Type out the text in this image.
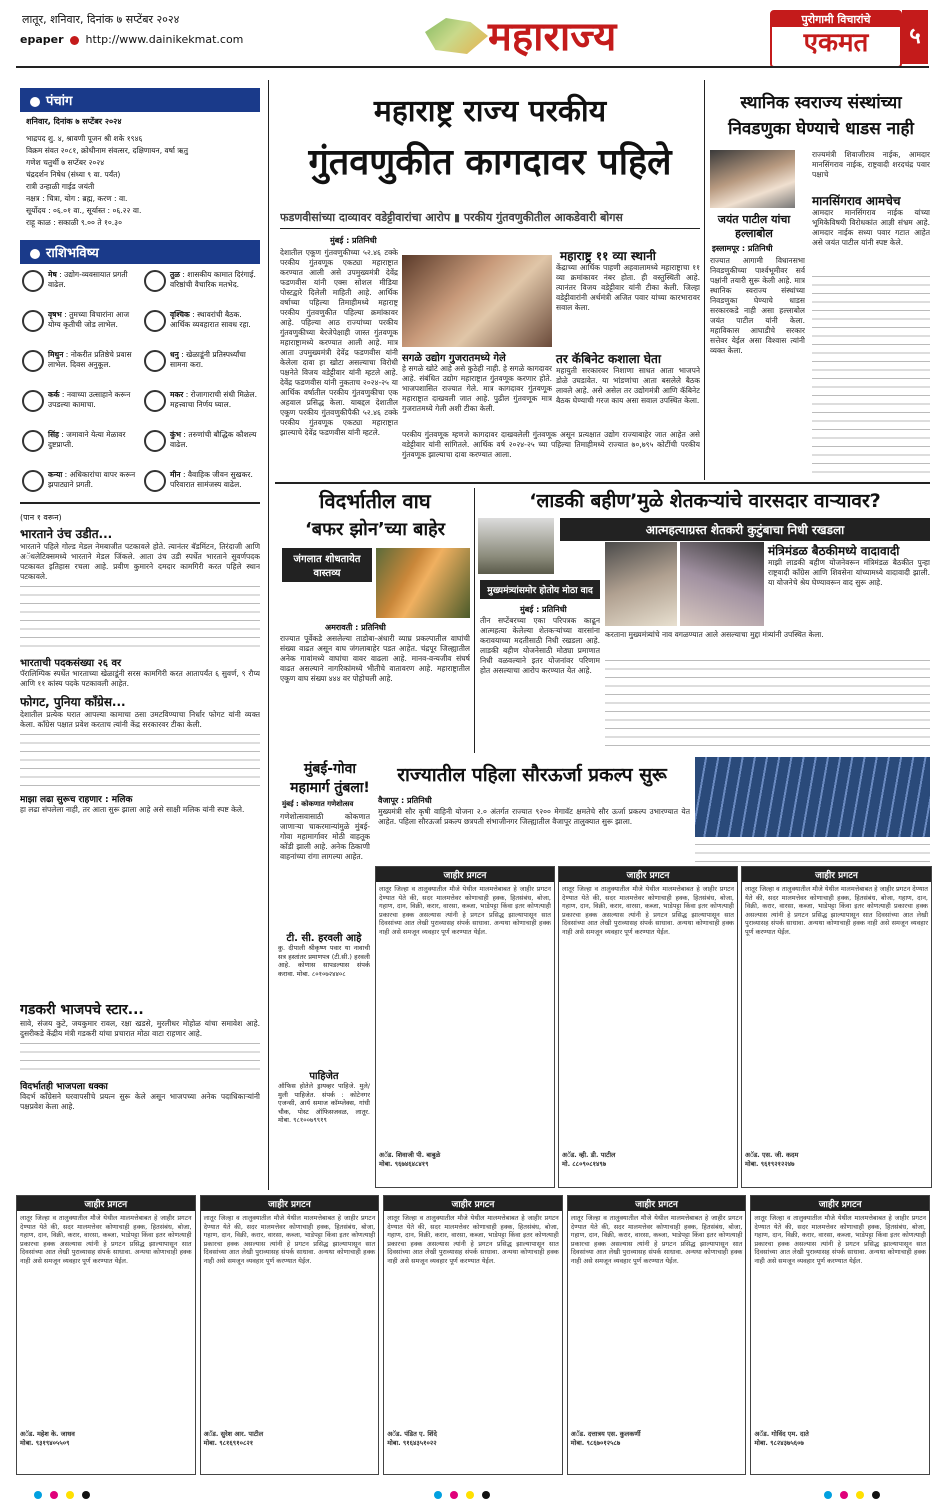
लातूर, शनिवार, दिनांक ७ सप्टेंबर २०२४
epaper http://www.dainikekmat.com	महाराज्य	पुरोगामी विचारांचे
एकमत	५
पंचांग
शनिवार, दिनांक ७ सप्टेंबर २०२४
भाद्रपद शु. ४, श्रावणी पूजन श्री शके १९४६
विक्रम संवत २०८१, क्रोधीनाम संवत्सर, दक्षिणायन, वर्षा ऋतु
गणेश चतुर्थी ७ सप्टेंबर २०२४
चंद्रदर्शन निषेध (संध्या ९ वा. पर्यंत)
रात्री उन्हाळी गाई‍ड जयंती
नक्षत्र : चित्रा, योग : ब्रह्म, करण : वा.
सूर्योदय : ०६.०१ वा., सूर्यास्त : ०६.२२ वा.
राहू काळ : सकाळी ९.०० ते १०.३०
राशिभविष्य
मेष : उद्योग-व्यवसायात प्रगती वाढेल.
तुळ : शासकीय कामात दिरंगाई. वरिष्ठांची वैचारिक मतभेद.
वृषभ : तुमच्या विचारांना आज योग्य कृतीची जोड लाभेल.
वृश्चिक : स्थावरांची बैठक. आर्थिक व्यवहारात सावध रहा.
मिथुन : नोकरीत प्रतिष्ठेचे प्रवास लाभेल. दिवस अनुकूल.
धनु : खेळाडूंनी प्रतिस्पर्ध्यांचा सामना करा.
कर्क : नवाच्या उत्साहाने करून उपडल्या कामाचा.
मकर : रोजागाराची संधी मिळेल. महत्त्वाचा निर्णय घ्याल.
सिंह : जमावाने येत्या मेळावर दुष्टप्राप्ती.
कुंभ : तरुणांची बौद्धिक कौशल्य वाढेल.
कन्या : अधिकारांचा वापर करून झपाट्याने प्रगती.
मीन : वैवाहिक जीवन सुखकर. परिवारात सामंजस्य वाढेल.
(पान १ वरून)
भारताने उंच उडीत...
भारताने पहिले गोल्ड मेडल नेमबाजीत पटकावले होते. त्यानंतर बॅडमिंटन, तिरंदाजी आणि अॅथलेटिक्समध्ये भारताने मेडल जिंकले. आता उंच उडी स्पर्धेत भारताने सुवर्णपदक पटकावत इतिहास रचला आहे. प्रवीण कुमारने दमदार कामगिरी करत पहिले स्थान पटकावले.
भारताची पदकसंख्या २६ वर
पॅरालिम्पिक स्पर्धेत भारताच्या खेळाडूंनी सरस कामगिरी करत आतापर्यंत ६ सुवर्ण, ९ रौप्य आणि ११ कांस्य पदके पटकावली आहेत.
फोगट, पुनिया काँग्रेस...
देशातील प्रत्येक घरात आपल्या कामाचा ठसा उमटविण्याचा निर्धार फोगट यांनी व्यक्त केला. काँग्रेस पक्षात प्रवेश करताच त्यांनी केंद्र सरकारवर टीका केली.
माझा लढा सुरूच राहणार : मलिक
हा लढा संपलेला नाही, तर आता सुरू झाला आहे असे साक्षी मलिक यांनी स्पष्ट केले.
गडकरी भाजपचे स्टार...
सावे, संजय कुटे, जयकुमार रावल, रक्षा खडसे, मुरलीधर मोहोळ यांचा समावेश आहे. दुसरीकडे केंद्रीय मंत्री गडकरी यांचा प्रचारात मोठा वाटा राहणार आहे.
विदर्भातही भाजपला धक्का
विदर्भ काँग्रेसने घरवापसीचे प्रयत्न सुरू केले असून भाजपच्या अनेक पदाधिकाऱ्यांनी पक्षप्रवेश केला आहे.
महाराष्ट्र राज्य परकीय
गुंतवणुकीत कागदावर पहिले
फडणवीसांच्या दाव्यावर वडेट्टीवारांचा आरोप ▮ परकीय गुंतवणुकीतील आकडेवारी बोगस
मुंबई : प्रतिनिधी
देशातील एकूण गुंतवणुकीच्या ५२.४६ टक्के परकीय गुंतवणूक एकट्या महाराष्ट्रात करण्यात आली असे उपमुख्यमंत्री देवेंद्र फडणवीस यांनी एक्स सोशल मीडिया पोस्टद्वारे दिलेली माहिती आहे. आर्थिक वर्षाच्या पहिल्या तिमाहीमध्ये महाराष्ट्र परकीय गुंतवणुकीत पहिल्या क्रमांकावर आहे. पहिल्या आठ राज्यांच्या परकीय गुंतवणुकीच्या बेरजेपेक्षाही जास्त गुंतवणूक महाराष्ट्रामध्ये करण्यात आली आहे. मात्र आता उपमुख्यमंत्री देवेंद्र फडणवीस यांनी केलेला दावा हा खोटा असल्याचा विरोधी पक्षनेते विजय वडेट्टीवार यांनी म्हटले आहे. देवेंद्र फडणवीस यांनी नुकताच २०२४-२५ या आर्थिक वर्षातील परकीय गुंतवणुकीचा एक अहवाल प्रसिद्ध केला. याबद्दल देशातील एकूण परकीय गुंतवणुकीपैकी ५२.४६ टक्के परकीय गुंतवणूक एकट्या महाराष्ट्रात झाल्याचे देवेंद्र फडणवीस यांनी म्हटले.
सगळे उद्योग गुजरातमध्ये गेले
हे सगळे खोटे आहे असे कुठेही नाही. हे सगळे कागदावर आहे. संबंधित उद्योग महाराष्ट्रात गुंतवणूक करणार होते. भाजपशासित राज्यात गेले. मात्र कागदावर गुंतवणूक महाराष्ट्रात दाखवली जात आहे. पुढील गुंतवणूक मात्र गुजरातमध्ये गेली अशी टीका केली.
महाराष्ट्र ११ व्या स्थानी
केंद्राच्या आर्थिक पाहणी अहवालामध्ये महाराष्ट्राचा ११ व्या क्रमांकावर नंबर होता. ही वस्तुस्थिती आहे. त्यानंतर विजय वडेट्टीवार यांनी टीका केली. जिल्हा वडेट्टीवारांनी अर्थमंत्री अजित पवार यांच्या कारभारावर सवाल केला.
तर कॅबिनेट कशाला घेता
महायुती सरकारवर निशाणा साधत आता भाजपने डोळे उघडावेत. या भांडणांचा आता बसलेले बैठक लावले आहे. असे असेल तर उद्योगमंत्री आणि कॅबिनेट बैठक घेण्याची गरज काय असा सवाल उपस्थित केला.
परकीय गुंतवणूक म्हणजे कागदावर दाखवलेली गुंतवणूक असून प्रत्यक्षात उद्योग राज्याबाहेर जात आहेत असे वडेट्टीवार यांनी सांगितले. आर्थिक वर्ष २०२४-२५ च्या पहिल्या तिमाहीमध्ये राज्यात ७०,७९५ कोटींची परकीय गुंतवणूक झाल्याचा दावा करण्यात आला.
स्थानिक स्वराज्य संस्थांच्या
निवडणुका घेण्याचे धाडस नाही
जयंत पाटील यांचा
हल्लाबोल
इस्लामपूर : प्रतिनिधी
राज्यात आगामी विधानसभा निवडणुकीच्या पार्श्वभूमीवर सर्व पक्षांनी तयारी सुरू केली आहे. मात्र स्थानिक स्वराज्य संस्थांच्या निवडणुका घेण्याचे धाडस सरकारकडे नाही असा हल्लाबोल जयंत पाटील यांनी केला. महाविकास आघाडीचे सरकार सत्तेवर येईल असा विश्वास त्यांनी व्यक्त केला.
राज्यमंत्री शिवाजीराव नाईक, आमदार मानसिंगराव नाईक, राष्ट्रवादी शरदचंद्र पवार पक्षाचे
मानसिंगराव आमचेच
आमदार मानसिंगराव नाईक यांच्या भूमिकेविषयी विरोधकांत आज्ञी संभ्रम आहे. आमदार नाईक सध्या पवार गटात आहेत असे जयंत पाटील यांनी स्पष्ट केले.
विदर्भातील वाघ
‘बफर झोन’च्या बाहेर
जंगलात शोधतायेत वास्तव्य
अमरावती : प्रतिनिधी
राज्यात पूर्वेकडे असलेल्या ताडोबा-अंधारी व्याघ्र प्रकल्पातील वाघांची संख्या वाढत असून वाघ जंगलाबाहेर पडत आहेत. चंद्रपूर जिल्ह्यातील अनेक गावांमध्ये वाघांचा वावर वाढला आहे. मानव-वन्यजीव संघर्ष वाढत असल्याने नागरिकांमध्ये भीतीचे वातावरण आहे. महाराष्ट्रातील एकूण वाघ संख्या ४४४ वर पोहोचली आहे.
‘लाडकी बहीण’मुळे शेतकऱ्यांचे वारसदार वाऱ्यावर?
आत्महत्याग्रस्त शेतकरी कुटुंबाचा निधी रखडला
मुख्यमंत्र्यांसमोर होतोय मोठा वाद
मुंबई : प्रतिनिधी
मंत्रिमंडळ बैठकीमध्ये वादावादी
माझी लाडकी बहीण योजनेवरून मंत्रिमंडळ बैठकीत पुन्हा राष्ट्रवादी काँग्रेस आणि शिवसेना यांच्यामध्ये वादावादी झाली. या योजनेचे श्रेय घेण्यावरून वाद सुरू आहे.
करताना मुख्यमंत्र्यांचे नाव वगळण्यात आले असल्याचा मुद्दा मंत्र्यांनी उपस्थित केला.
तीन सप्टेंबरच्या एका परिपत्रक काढून आत्महत्या केलेल्या शेतकऱ्यांच्या वारसांना करावयाच्या मदतीसाठी निधी रखडला आहे. लाडकी बहीण योजनेसाठी मोठ्या प्रमाणात निधी वळवल्याने इतर योजनांवर परिणाम होत असल्याचा आरोप करण्यात येत आहे.
मुंबई-गोवा
महामार्ग तुंबला!
मुंबई : कोकणात गणेशोत्सव
गणेशोत्सवासाठी कोकणात जाणाऱ्या चाकरमान्यांमुळे मुंबई-गोवा महामार्गावर मोठी वाहतूक कोंडी झाली आहे. अनेक ठिकाणी वाहनांच्या रांगा लागल्या आहेत.
राज्यातील पहिला सौरऊर्जा प्रकल्प सुरू
वैजापूर : प्रतिनिधी
मुख्यमंत्री सौर कृषी वाहिनी योजना २.० अंतर्गत राज्यात ९२०० मेगावॅट क्षमतेचे सौर ऊर्जा प्रकल्प उभारण्यात येत आहेत. पहिला सौरऊर्जा प्रकल्प छत्रपती संभाजीनगर जिल्ह्यातील वैजापूर तालुक्यात सुरू झाला.
टी. सी. हरवली आहे
कु. दीपाली श्रीकृष्ण पवार या नावाची सत्र हस्तांतर प्रमाणपत्र (टी.सी.) हरवली आहे. कोणास सापडल्यास संपर्क करावा. मोबा. ८०१०७२४४०८
पाहिजेत
ऑफिस होतेले ड्रायव्हर पाहिजे. मुले/मुली पाहिजेत. संपर्क : कोटेनगर एजन्सी, आर्य समाज कॉम्प्लेक्स, गांधी चौक, पोस्ट ऑफिसजवळ, लातूर. मोबा. ९८१००७९९१९
जाहीर प्रगटन
लातूर जिल्हा व तालुक्यातील मौजे येथील मालमत्तेबाबत हे जाहीर प्रगटन देण्यात येते की, सदर मालमत्तेवर कोणाचाही हक्क, हितसंबंध, बोजा, गहाण, दान, विक्री, करार, वारसा, कब्जा, भाडेपट्टा किंवा इतर कोणत्याही प्रकारचा हक्क असल्यास त्यांनी हे प्रगटन प्रसिद्ध झाल्यापासून सात दिवसांच्या आत लेखी पुराव्यासह संपर्क साधावा. अन्यथा कोणाचाही हक्क नाही असे समजून व्यवहार पूर्ण करण्यात येईल.
अॅड. शिवाजी पी. बाबुळे
मोबा. ९६७४६४८४१९
जाहीर प्रगटन
लातूर जिल्हा व तालुक्यातील मौजे येथील मालमत्तेबाबत हे जाहीर प्रगटन देण्यात येते की, सदर मालमत्तेवर कोणाचाही हक्क, हितसंबंध, बोजा, गहाण, दान, विक्री, करार, वारसा, कब्जा, भाडेपट्टा किंवा इतर कोणत्याही प्रकारचा हक्क असल्यास त्यांनी हे प्रगटन प्रसिद्ध झाल्यापासून सात दिवसांच्या आत लेखी पुराव्यासह संपर्क साधावा. अन्यथा कोणाचाही हक्क नाही असे समजून व्यवहार पूर्ण करण्यात येईल.
अॅड. व्ही. डी. पाटील
मो. ८८०९०८१४९७
जाहीर प्रगटन
लातूर जिल्हा व तालुक्यातील मौजे येथील मालमत्तेबाबत हे जाहीर प्रगटन देण्यात येते की, सदर मालमत्तेवर कोणाचाही हक्क, हितसंबंध, बोजा, गहाण, दान, विक्री, करार, वारसा, कब्जा, भाडेपट्टा किंवा इतर कोणत्याही प्रकारचा हक्क असल्यास त्यांनी हे प्रगटन प्रसिद्ध झाल्यापासून सात दिवसांच्या आत लेखी पुराव्यासह संपर्क साधावा. अन्यथा कोणाचाही हक्क नाही असे समजून व्यवहार पूर्ण करण्यात येईल.
अॅड. एस. जी. कदम
मोबा. ९६१९२१२२४७
जाहीर प्रगटन
लातूर जिल्हा व तालुक्यातील मौजे येथील मालमत्तेबाबत हे जाहीर प्रगटन देण्यात येते की, सदर मालमत्तेवर कोणाचाही हक्क, हितसंबंध, बोजा, गहाण, दान, विक्री, करार, वारसा, कब्जा, भाडेपट्टा किंवा इतर कोणत्याही प्रकारचा हक्क असल्यास त्यांनी हे प्रगटन प्रसिद्ध झाल्यापासून सात दिवसांच्या आत लेखी पुराव्यासह संपर्क साधावा. अन्यथा कोणाचाही हक्क नाही असे समजून व्यवहार पूर्ण करण्यात येईल.
अॅड. महेश के. जाधव
मोबा. ९३१९४०५५०९
जाहीर प्रगटन
लातूर जिल्हा व तालुक्यातील मौजे येथील मालमत्तेबाबत हे जाहीर प्रगटन देण्यात येते की, सदर मालमत्तेवर कोणाचाही हक्क, हितसंबंध, बोजा, गहाण, दान, विक्री, करार, वारसा, कब्जा, भाडेपट्टा किंवा इतर कोणत्याही प्रकारचा हक्क असल्यास त्यांनी हे प्रगटन प्रसिद्ध झाल्यापासून सात दिवसांच्या आत लेखी पुराव्यासह संपर्क साधावा. अन्यथा कोणाचाही हक्क नाही असे समजून व्यवहार पूर्ण करण्यात येईल.
अॅड. सुरेश आर. पाटील
मोबा. ९८१६९१०८२१
जाहीर प्रगटन
लातूर जिल्हा व तालुक्यातील मौजे येथील मालमत्तेबाबत हे जाहीर प्रगटन देण्यात येते की, सदर मालमत्तेवर कोणाचाही हक्क, हितसंबंध, बोजा, गहाण, दान, विक्री, करार, वारसा, कब्जा, भाडेपट्टा किंवा इतर कोणत्याही प्रकारचा हक्क असल्यास त्यांनी हे प्रगटन प्रसिद्ध झाल्यापासून सात दिवसांच्या आत लेखी पुराव्यासह संपर्क साधावा. अन्यथा कोणाचाही हक्क नाही असे समजून व्यवहार पूर्ण करण्यात येईल.
अॅड. पंडित ए. शिंदे
मोबा. ९१६४३५१०२२
जाहीर प्रगटन
लातूर जिल्हा व तालुक्यातील मौजे येथील मालमत्तेबाबत हे जाहीर प्रगटन देण्यात येते की, सदर मालमत्तेवर कोणाचाही हक्क, हितसंबंध, बोजा, गहाण, दान, विक्री, करार, वारसा, कब्जा, भाडेपट्टा किंवा इतर कोणत्याही प्रकारचा हक्क असल्यास त्यांनी हे प्रगटन प्रसिद्ध झाल्यापासून सात दिवसांच्या आत लेखी पुराव्यासह संपर्क साधावा. अन्यथा कोणाचाही हक्क नाही असे समजून व्यवहार पूर्ण करण्यात येईल.
अॅड. दत्तात्रय एस. कुलकर्णी
मोबा. ९८६७०१२५८७
जाहीर प्रगटन
लातूर जिल्हा व तालुक्यातील मौजे येथील मालमत्तेबाबत हे जाहीर प्रगटन देण्यात येते की, सदर मालमत्तेवर कोणाचाही हक्क, हितसंबंध, बोजा, गहाण, दान, विक्री, करार, वारसा, कब्जा, भाडेपट्टा किंवा इतर कोणत्याही प्रकारचा हक्क असल्यास त्यांनी हे प्रगटन प्रसिद्ध झाल्यापासून सात दिवसांच्या आत लेखी पुराव्यासह संपर्क साधावा. अन्यथा कोणाचाही हक्क नाही असे समजून व्यवहार पूर्ण करण्यात येईल.
अॅड. गोविंद एम. दाते
मोबा. ९८२४३७५६०७
